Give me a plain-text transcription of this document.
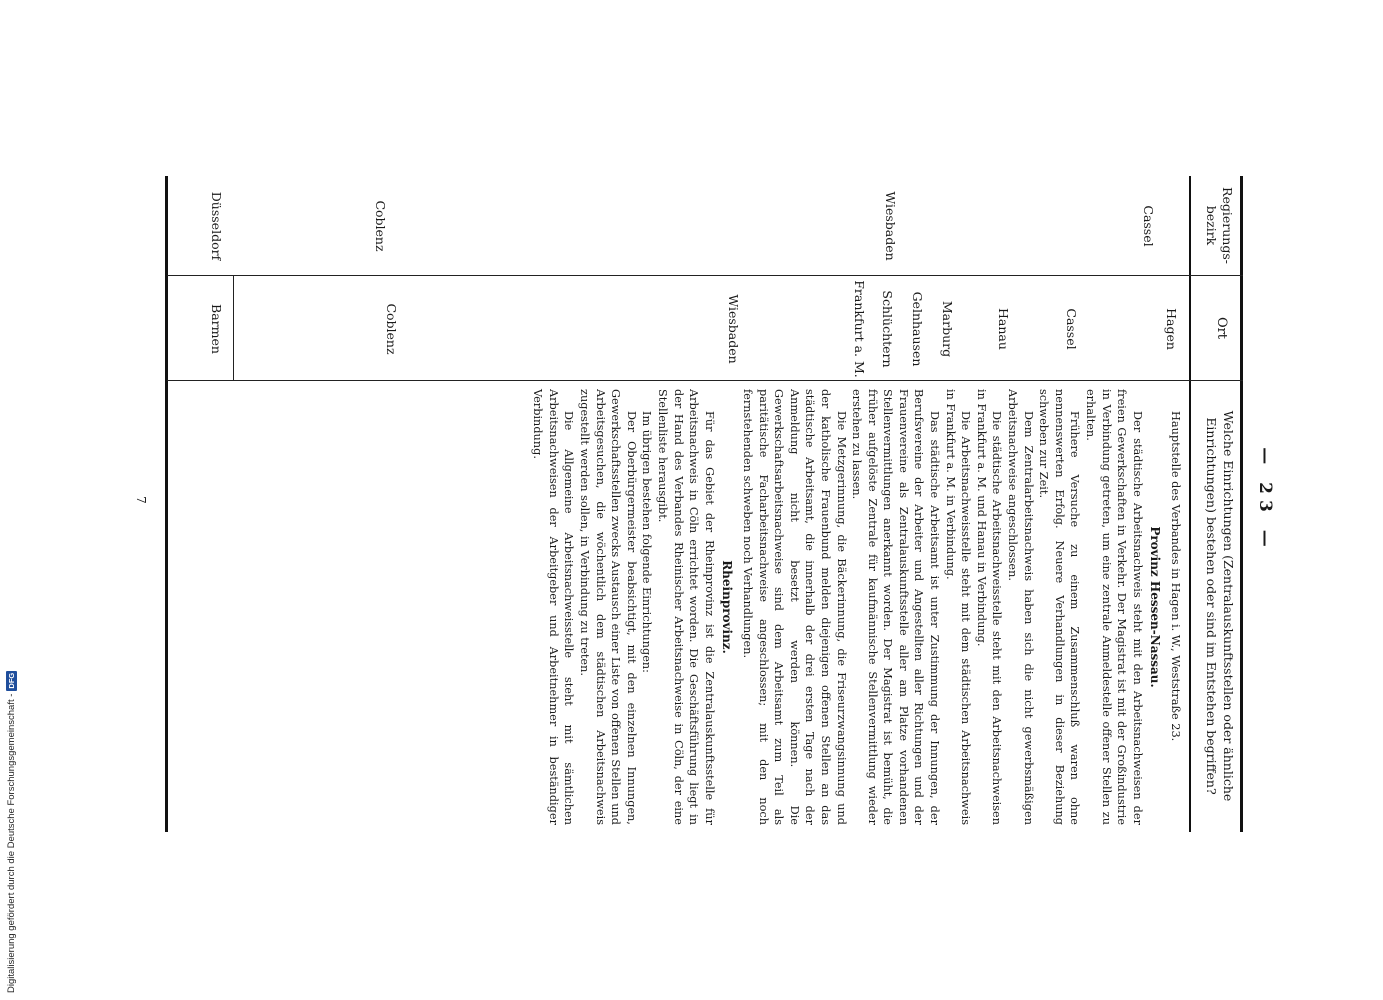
— 23 —
Regierungs- bezirk
Ort
Welche Einrichtungen (Zentralauskunftsstellen oder ähnliche Einrichtungen) bestehen oder sind im Entstehen begriffen?
Cassel
Wiesbaden
Coblenz
Düsseldorf
Hagen
Cassel
Hanau
Marburg
Gelnhausen
Schlüchtern
Frankfurt a. M.
Wiesbaden
Coblenz
Barmen

Hauptstelle des Verbandes in Hagen i. W., Weststraße 23.

Provinz Hessen-Nassau.

Der städtische Arbeitsnachweis steht mit den Arbeitsnachweisen der freien Gewerkschaften in Verkehr. Der Magistrat ist mit der Großindustrie in Verbindung getreten, um eine zentrale Anmeldestelle offener Stellen zu erhalten.

Frühere Versuche zu einem Zusammenschluß waren ohne nennenswerten Erfolg. Neuere Verhandlungen in dieser Beziehung schweben zur Zeit.

Dem Zentralarbeitsnachweis haben sich die nicht gewerbsmäßigen Arbeitsnachweise angeschlossen.

Die städtische Arbeitsnachweisstelle steht mit den Arbeitsnachweisen in Frankfurt a. M. und Hanau in Verbindung.

Die Arbeitsnachweisstelle steht mit dem städtischen Arbeitsnachweis in Frankfurt a. M. in Verbindung.

Das städtische Arbeitsamt ist unter Zustimmung der Innungen, der Berufsvereine der Arbeiter und Angestellten aller Richtungen und der Frauenvereine als Zentralauskunftsstelle aller am Platze vorhandenen Stellenvermittlungen anerkannt worden. Der Magistrat ist bemüht, die früher aufgelöste Zentrale für kaufmännische Stellenvermittlung wieder erstehen zu lassen.

Die Metzgerinnung, die Bäckerinnung, die Friseurzwangsinnung und der katholische Frauenbund melden diejenigen offenen Stellen an das städtische Arbeitsamt, die innerhalb der drei ersten Tage nach der Anmeldung nicht besetzt werden können. Die Gewerkschaftsarbeitsnachweise sind dem Arbeitsamt zum Teil als paritätische Facharbeitsnachweise angeschlossen; mit den noch fernstehenden schweben noch Verhandlungen.

Rheinprovinz.

Für das Gebiet der Rheinprovinz ist die Zentralauskunftsstelle für Arbeitsnachweis in Cöln errichtet worden. Die Geschäftsführung liegt in der Hand des Verbandes Rheinischer Arbeitsnachweise in Cöln, der eine Stellenliste herausgibt.

Im übrigen bestehen folgende Einrichtungen:

Der Oberbürgermeister beabsichtigt, mit den einzelnen Innungen, Gewerkschaftsstellen zwecks Austausch einer Liste von offenen Stellen und Arbeitsgesuchen, die wöchentlich dem städtischen Arbeitsnachweis zugestellt werden sollen, in Verbindung zu treten.

Die Allgemeine Arbeitsnachweisstelle steht mit sämtlichen Arbeitsnachweisen der Arbeitgeber und Arbeitnehmer in beständiger Verbindung.

7
Digitalisierung gefördert durch die Deutsche Forschungsgemeinschaft -
DFG
